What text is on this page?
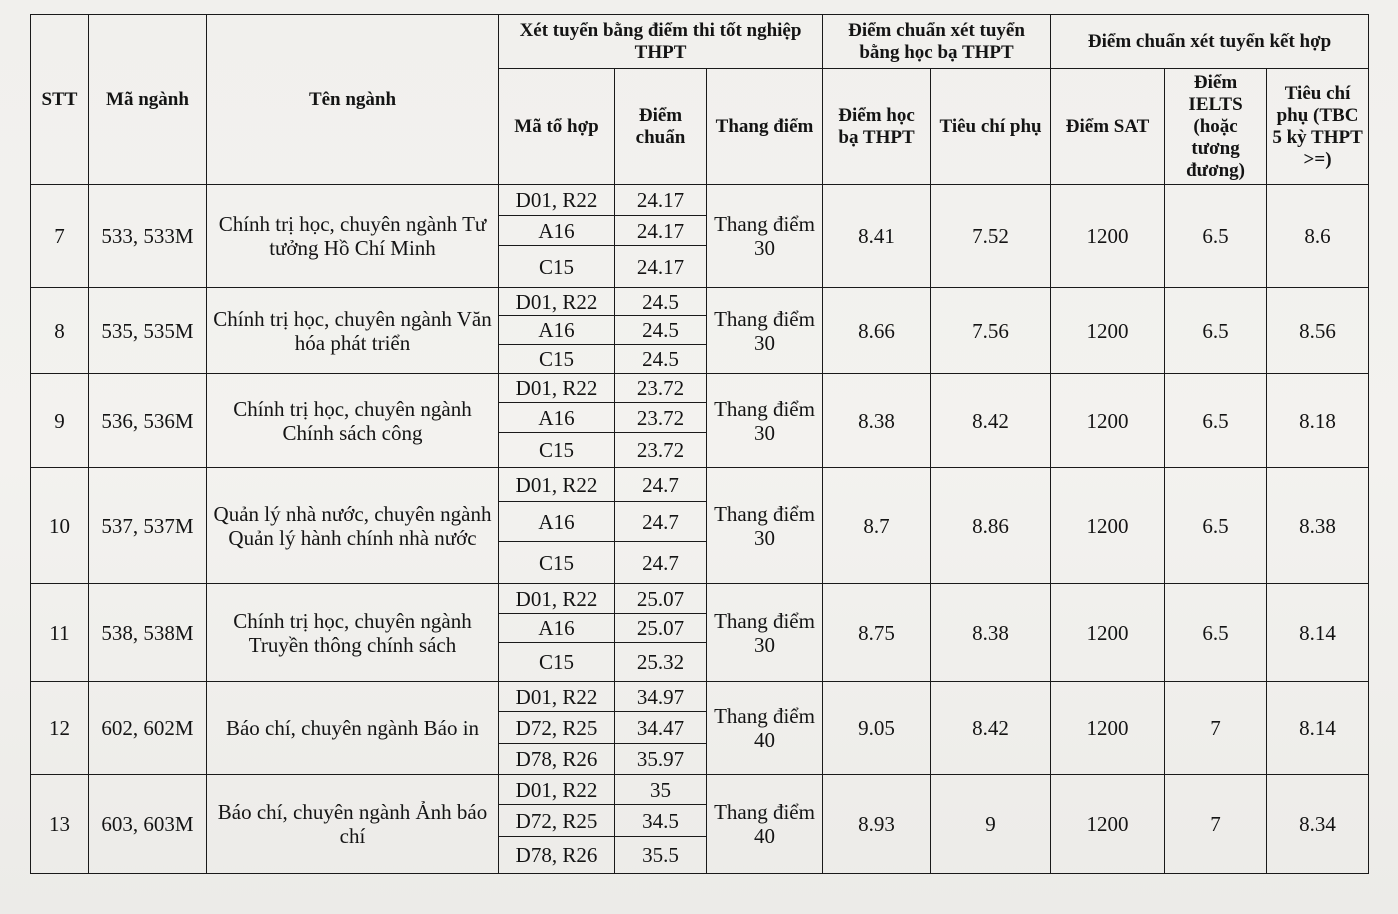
STT	Mã ngành	Tên ngành	Xét tuyển bằng điểm thi tốt nghiệp THPT			Điểm chuẩn xét tuyển bằng học bạ THPT		Điểm chuẩn xét tuyển kết hợp		
			Mã tổ hợp	Điểm chuẩn	Thang điểm	Điểm học bạ THPT	Tiêu chí phụ	Điểm SAT	Điểm IELTS (hoặc tương đương)	Tiêu chí phụ (TBC 5 kỳ THPT >=)
7	533, 533M	Chính trị học, chuyên ngành Tư tưởng Hồ Chí Minh	D01, R22	24.17	Thang điểm 30	8.41	7.52	1200	6.5	8.6
			A16	24.17						
			C15	24.17						
8	535, 535M	Chính trị học, chuyên ngành Văn hóa phát triển	D01, R22	24.5	Thang điểm 30	8.66	7.56	1200	6.5	8.56
			A16	24.5						
			C15	24.5						
9	536, 536M	Chính trị học, chuyên ngành Chính sách công	D01, R22	23.72	Thang điểm 30	8.38	8.42	1200	6.5	8.18
			A16	23.72						
			C15	23.72						
10	537, 537M	Quản lý nhà nước, chuyên ngành Quản lý hành chính nhà nước	D01, R22	24.7	Thang điểm 30	8.7	8.86	1200	6.5	8.38
			A16	24.7						
			C15	24.7						
11	538, 538M	Chính trị học, chuyên ngành Truyền thông chính sách	D01, R22	25.07	Thang điểm 30	8.75	8.38	1200	6.5	8.14
			A16	25.07						
			C15	25.32						
12	602, 602M	Báo chí, chuyên ngành Báo in	D01, R22	34.97	Thang điểm 40	9.05	8.42	1200	7	8.14
			D72, R25	34.47						
			D78, R26	35.97						
13	603, 603M	Báo chí, chuyên ngành Ảnh báo chí	D01, R22	35	Thang điểm 40	8.93	9	1200	7	8.34
			D72, R25	34.5						
			D78, R26	35.5						
